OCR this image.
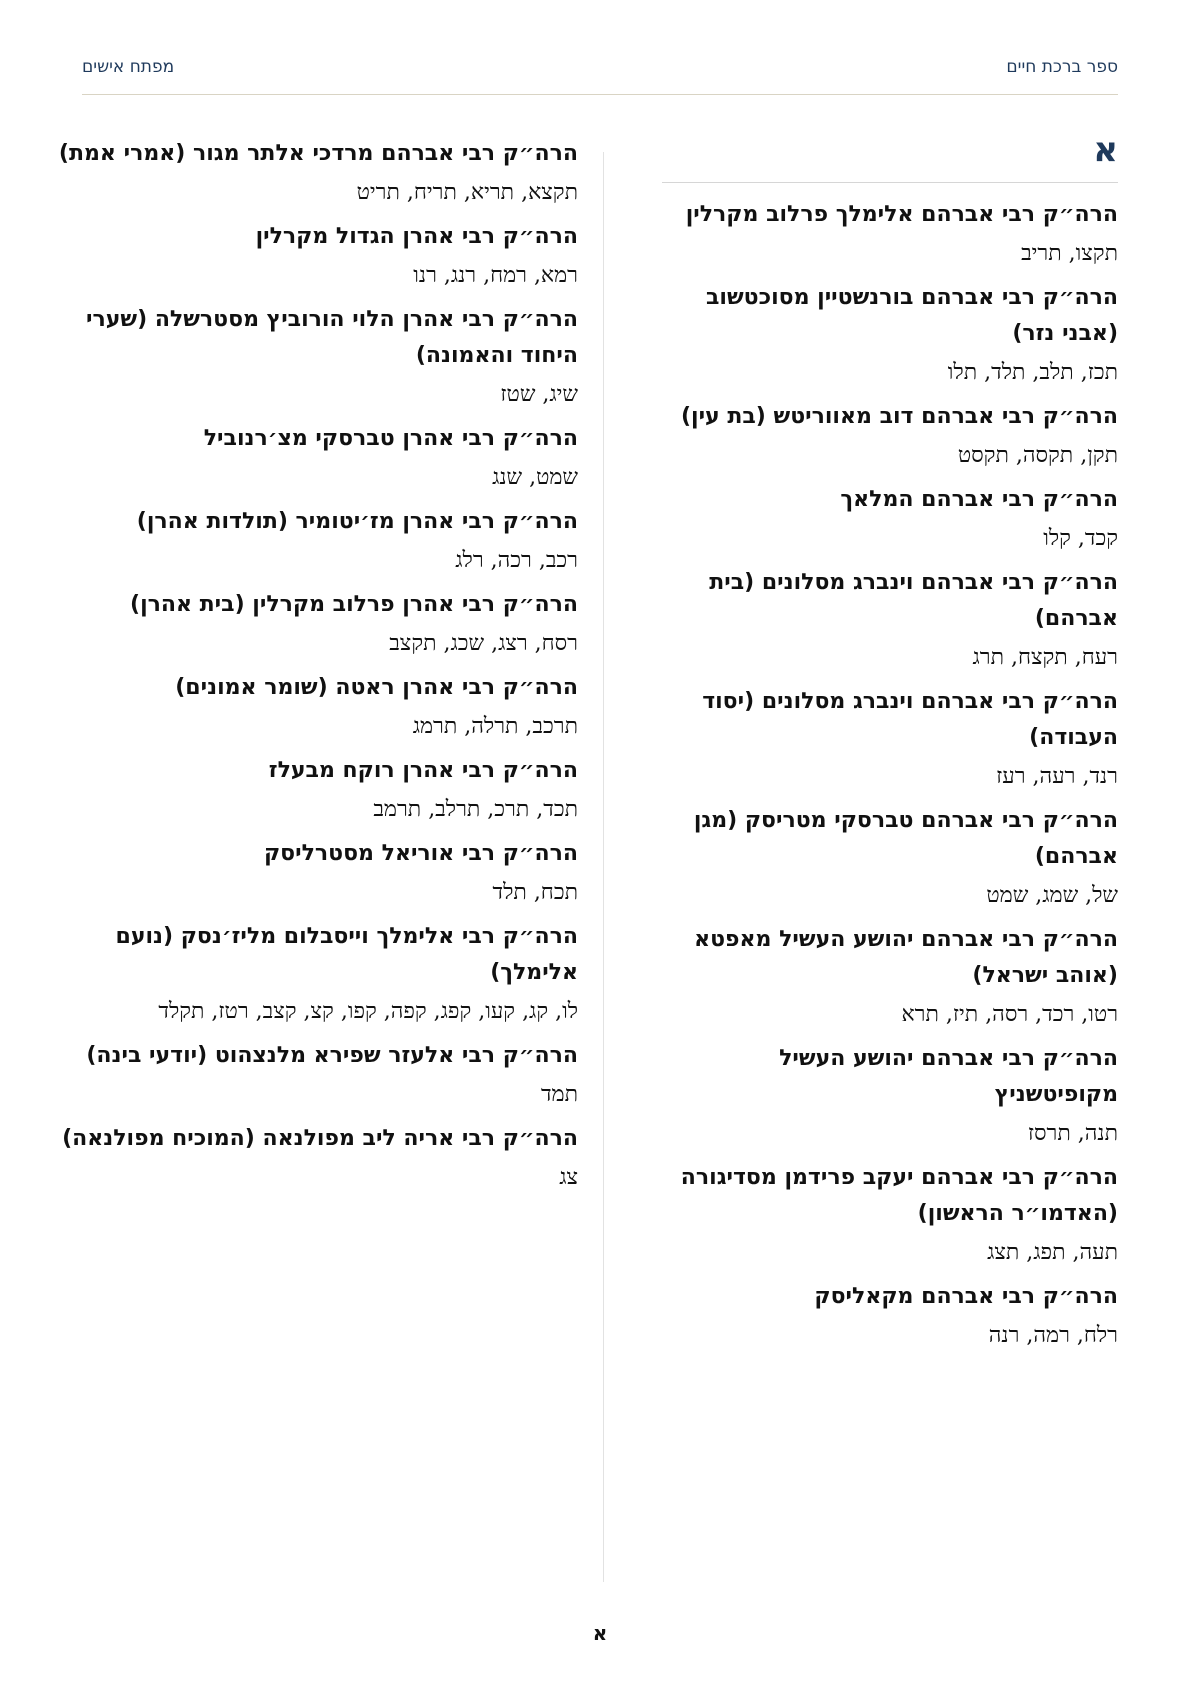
ספר ברכת חיים
מפתח אישים
א
הרה״ק רבי אברהם אלימלך פרלוב מקרלין
תקצו, תריב
הרה״ק רבי אברהם בורנשטיין מסוכטשוב (אבני נזר)
תכז, תלב, תלד, תלו
הרה״ק רבי אברהם דוב מאווריטש (בת עין)
תקן, תקסה, תקסט
הרה״ק רבי אברהם המלאך
קכד, קלו
הרה״ק רבי אברהם וינברג מסלונים (בית אברהם)
רעח, תקצח, תרג
הרה״ק רבי אברהם וינברג מסלונים (יסוד העבודה)
רנד, רעה, רעז
הרה״ק רבי אברהם טברסקי מטריסק (מגן אברהם)
של, שמג, שמט
הרה״ק רבי אברהם יהושע העשיל מאפטא (אוהב ישראל)
רטו, רכד, רסה, תיז, תרא
הרה״ק רבי אברהם יהושע העשיל מקופיטשניץ
תנה, תרסז
הרה״ק רבי אברהם יעקב פרידמן מסדיגורה (האדמו״ר הראשון)
תעה, תפג, תצג
הרה״ק רבי אברהם מקאליסק
רלח, רמה, רנה
הרה״ק רבי אברהם מרדכי אלתר מגור (אמרי אמת)
תקצא, תריא, תריח, תריט
הרה״ק רבי אהרן הגדול מקרלין
רמא, רמח, רנג, רנו
הרה״ק רבי אהרן הלוי הורוביץ מסטרשלה (שערי היחוד והאמונה)
שיג, שטז
הרה״ק רבי אהרן טברסקי מצ׳רנוביל
שמט, שנג
הרה״ק רבי אהרן מז׳יטומיר (תולדות אהרן)
רכב, רכה, רלג
הרה״ק רבי אהרן פרלוב מקרלין (בית אהרן)
רסח, רצג, שכג, תקצב
הרה״ק רבי אהרן ראטה (שומר אמונים)
תרכב, תרלה, תרמג
הרה״ק רבי אהרן רוקח מבעלז
תכד, תרכ, תרלב, תרמב
הרה״ק רבי אוריאל מסטרליסק
תכח, תלד
הרה״ק רבי אלימלך וייסבלום מליז׳נסק (נועם אלימלך)
לו, קג, קעו, קפג, קפה, קפו, קצ, קצב, רטז, תקלד
הרה״ק רבי אלעזר שפירא מלנצהוט (יודעי בינה)
תמד
הרה״ק רבי אריה ליב מפולנאה (המוכיח מפולנאה)
צג
א
